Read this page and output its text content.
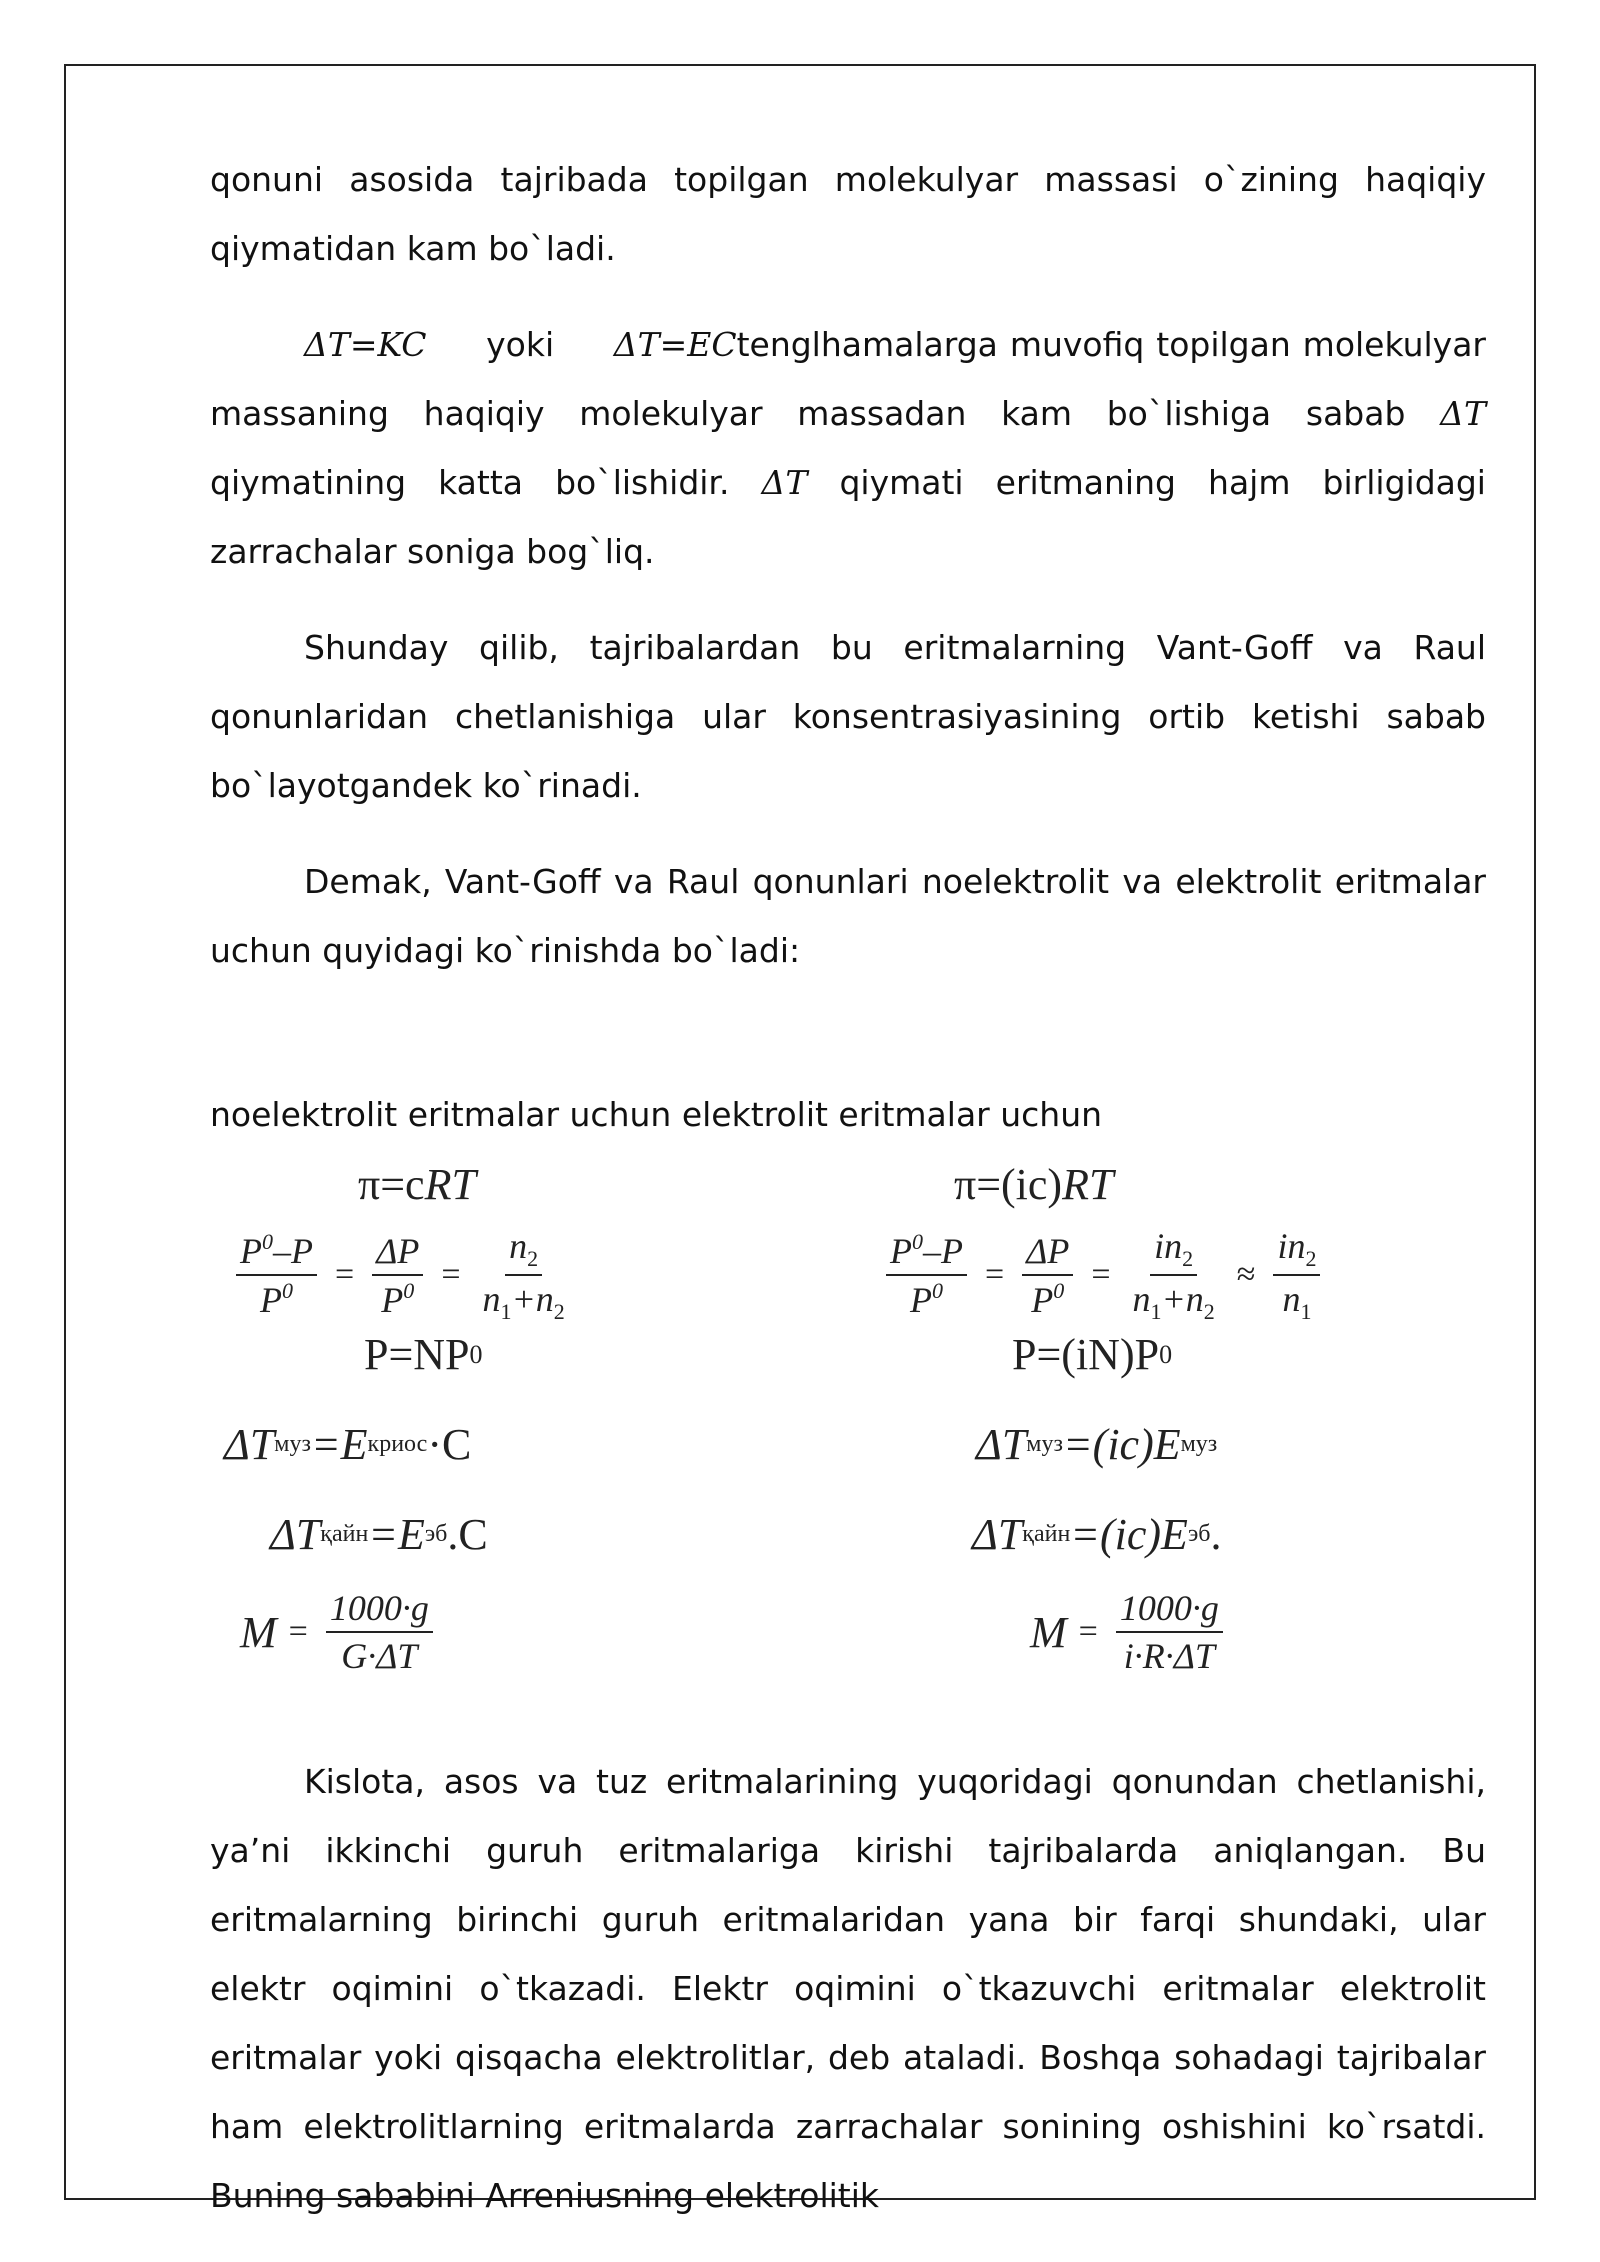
qonuni asosida tajribada topilgan molekulyar massasi o`zining haqiqiy qiymatidan kam bo`ladi.

ΔT=KC yoki ΔT=ECtenglhamalarga muvofiq topilgan molekulyar massaning haqiqiy molekulyar massadan kam bo`lishiga sabab ΔT qiymatining katta bo`lishidir. ΔT qiymati eritmaning hajm birligidagi zarrachalar soniga bog`liq.

Shunday qilib, tajribalardan bu eritmalarning Vant-Goff va Raul qonunlaridan chetlanishiga ular konsentrasiyasining ortib ketishi sabab bo`layotgandek ko`rinadi.

Demak, Vant-Goff va Raul qonunlari noelektrolit va elektrolit eritmalar uchun quyidagi ko`rinishda bo`ladi:

noelektrolit eritmalar uchun elektrolit eritmalar uchun

π=c RT
$\frac{P^0-P}{P^0} = \frac{\Delta P}{P^0} = \frac{n_2}{n_1+n_2}$
P=NP 0
ΔT муз =E криос ·C
ΔT қайн =E эб .C
$M = \frac{1000\cdot g}{G\cdot\Delta T}$
π=(ic) RT
$\frac{P^0-P}{P^0} = \frac{\Delta P}{P^0} = \frac{in_2}{n_1+n_2} \approx \frac{in_2}{n_1}$
P=(iN)P 0
ΔT муз =(ic)E муз
ΔT қайн =(ic)E эб .
$M = \frac{1000\cdot g}{i\cdot R\cdot\Delta T}$

Kislota, asos va tuz eritmalarining yuqoridagi qonundan chetlanishi, ya’ni ikkinchi guruh eritmalariga kirishi tajribalarda aniqlangan. Bu eritmalarning birinchi guruh eritmalaridan yana bir farqi shundaki, ular elektr oqimini o`tkazadi. Elektr oqimini o`tkazuvchi eritmalar elektrolit eritmalar yoki qisqacha elektrolitlar, deb ataladi. Boshqa sohadagi tajribalar ham elektrolitlarning eritmalarda zarrachalar sonining oshishini ko`rsatdi. Buning sababini Arreniusning elektrolitik
